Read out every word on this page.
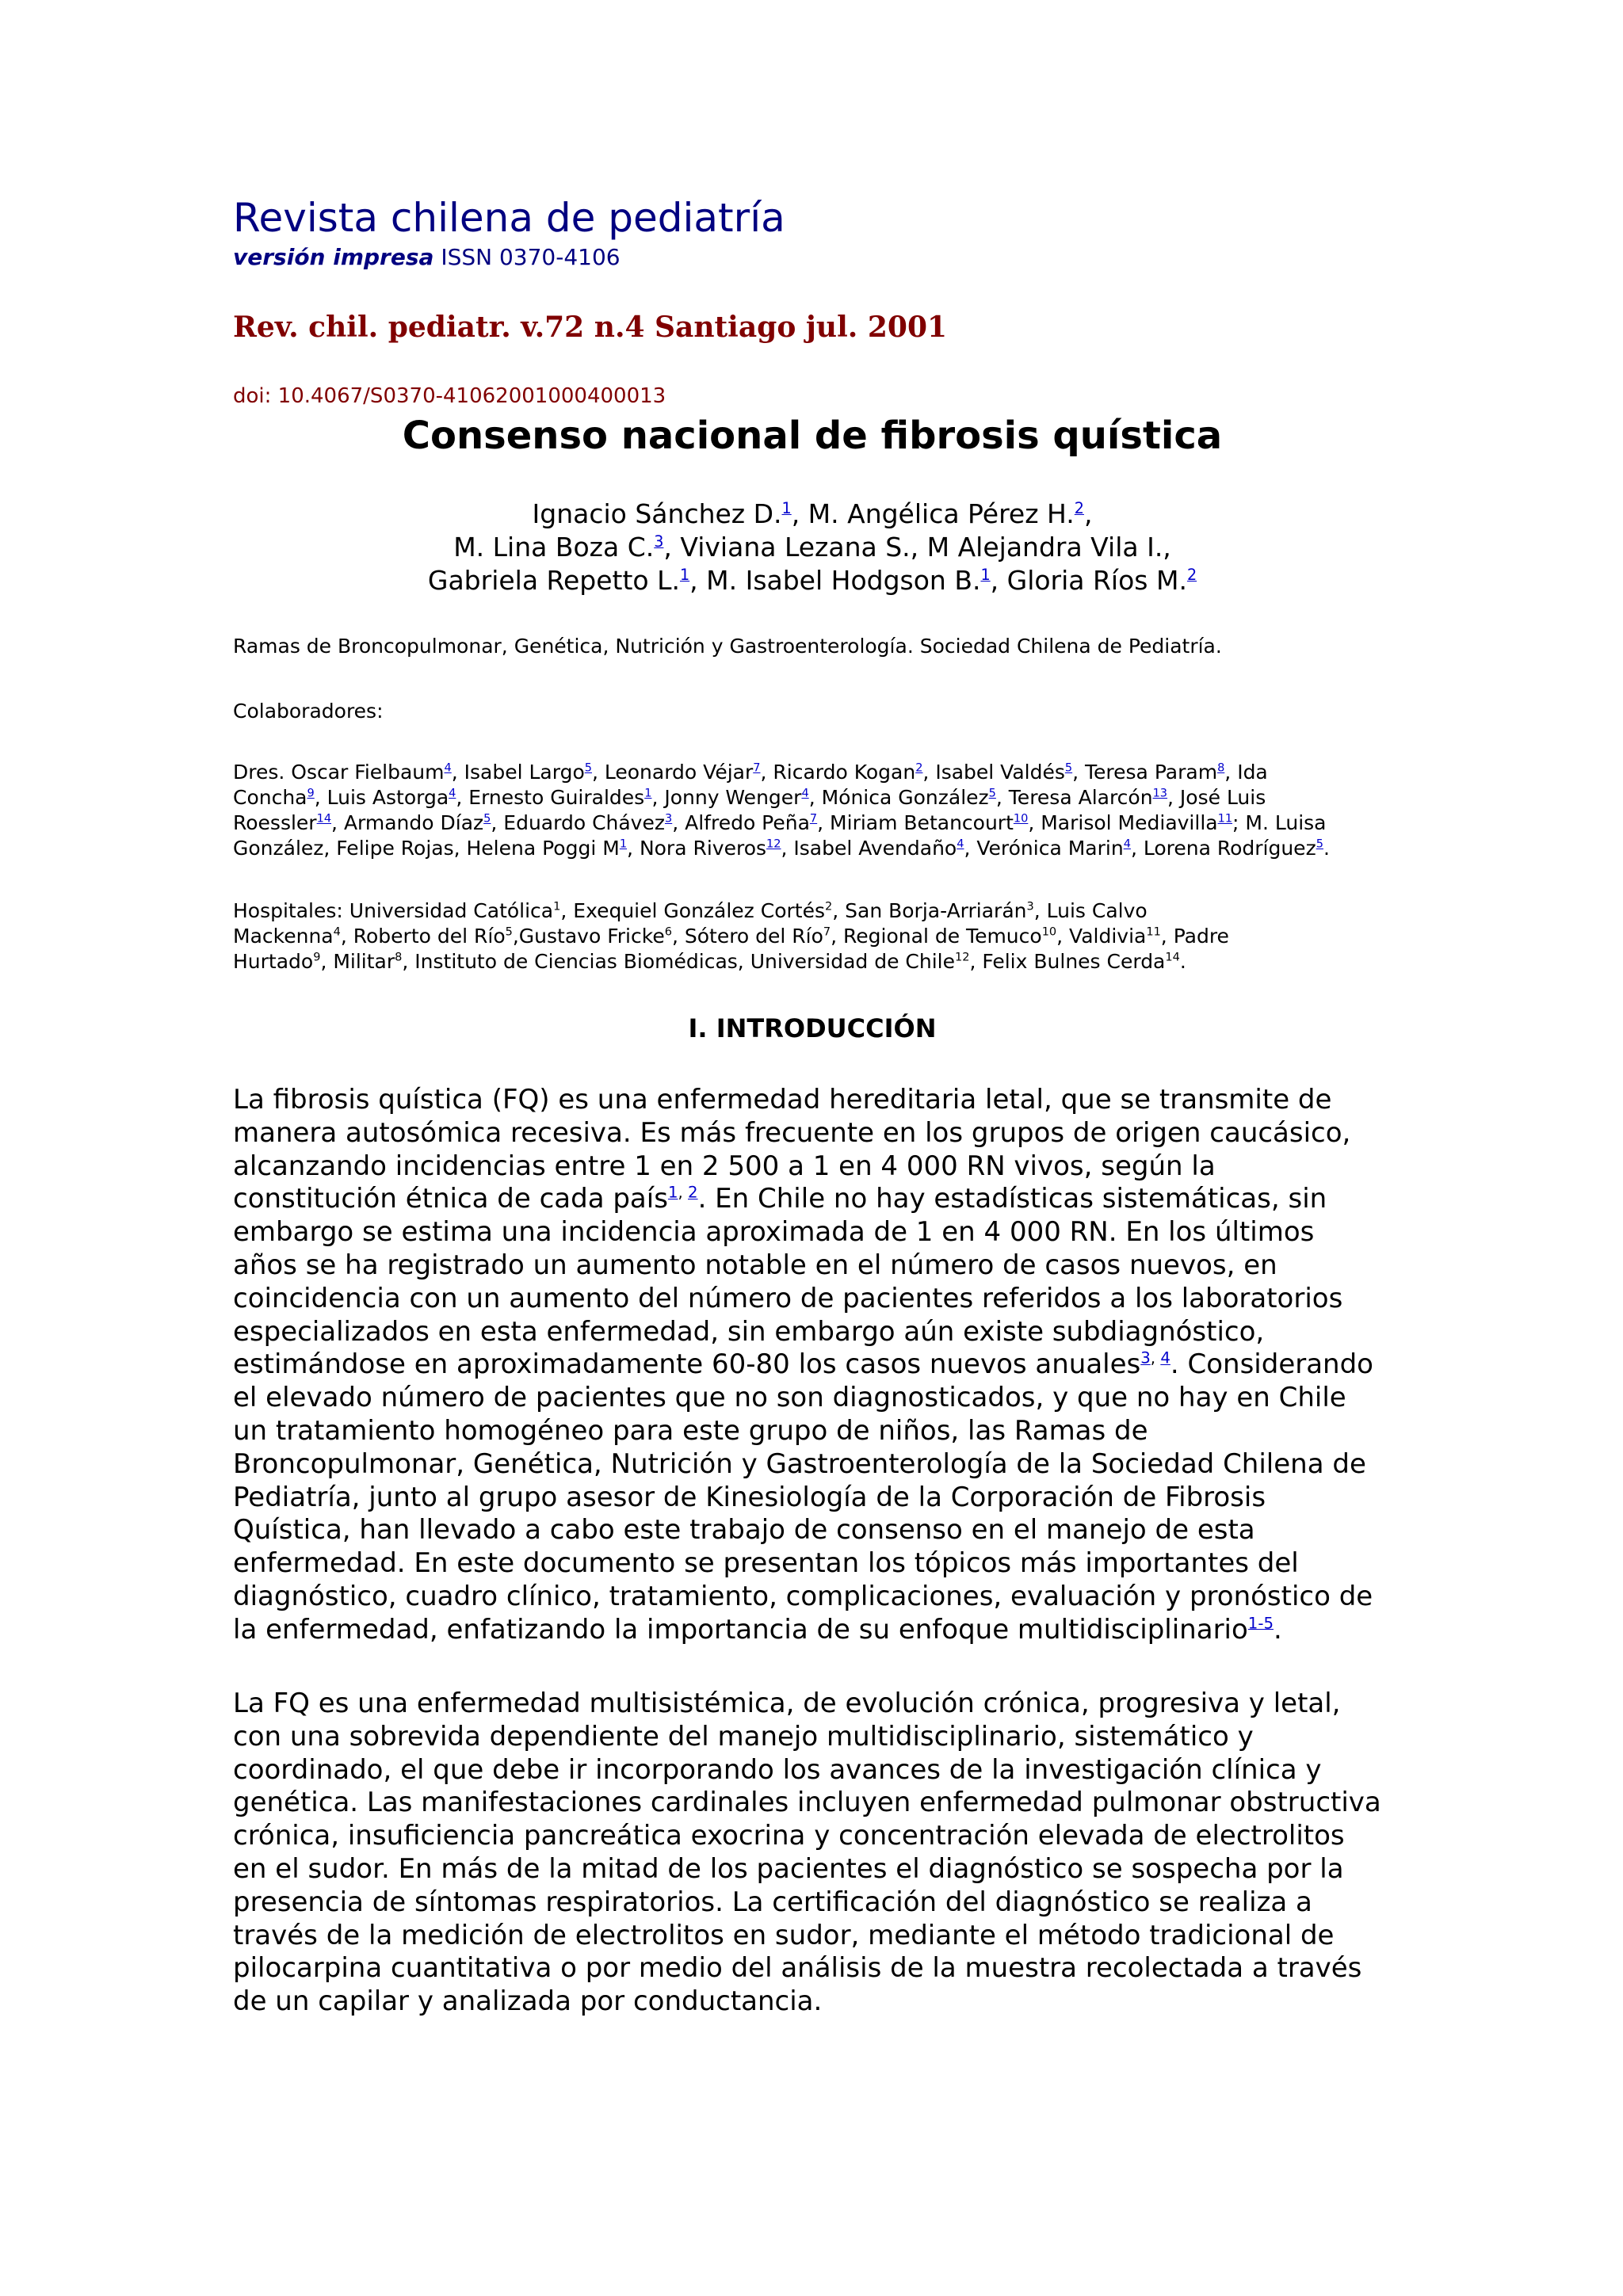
Revista chilena de pediatría
versión impresa ISSN 0370-4106
Rev. chil. pediatr. v.72 n.4 Santiago jul. 2001
doi: 10.4067/S0370-41062001000400013
Consenso nacional de fibrosis quística
Ignacio Sánchez D.$^1$, M. Angélica Pérez H.$^2$,
M. Lina Boza C.$^3$, Viviana Lezana S., M Alejandra Vila I.,
Gabriela Repetto L.$^1$, M. Isabel Hodgson B.$^1$, Gloria Ríos M.$^2$
Ramas de Broncopulmonar, Genética, Nutrición y Gastroenterología. Sociedad Chilena de Pediatría.
Colaboradores:
Dres. Oscar Fielbaum$^4$, Isabel Largo$^5$, Leonardo Véjar$^7$, Ricardo Kogan$^2$, Isabel Valdés$^5$, Teresa Param$^8$, Ida
Concha$^9$, Luis Astorga$^4$, Ernesto Guiraldes$^1$, Jonny Wenger$^4$, Mónica González$^5$, Teresa Alarcón$^{13}$, José Luis
Roessler$^{14}$, Armando Díaz$^5$, Eduardo Chávez$^3$, Alfredo Peña$^7$, Miriam Betancourt$^{10}$, Marisol Mediavilla$^{11}$; M. Luisa
González, Felipe Rojas, Helena Poggi M$^1$, Nora Riveros$^{12}$, Isabel Avendaño$^4$, Verónica Marin$^4$, Lorena Rodríguez$^5$.
Hospitales: Universidad Católica$^1$, Exequiel González Cortés$^2$, San Borja-Arriarán$^3$, Luis Calvo
Mackenna$^4$, Roberto del Río$^5$,Gustavo Fricke$^6$, Sótero del Río$^7$, Regional de Temuco$^{10}$, Valdivia$^{11}$, Padre
Hurtado$^9$, Militar$^8$, Instituto de Ciencias Biomédicas, Universidad de Chile$^{12}$, Felix Bulnes Cerda$^{14}$.
I. INTRODUCCIÓN

La fibrosis quística (FQ) es una enfermedad hereditaria letal, que se transmite de
manera autosómica recesiva. Es más frecuente en los grupos de origen caucásico,
alcanzando incidencias entre 1 en 2 500 a 1 en 4 000 RN vivos, según la
constitución étnica de cada país$^{1,}$ $^2$. En Chile no hay estadísticas sistemáticas, sin
embargo se estima una incidencia aproximada de 1 en 4 000 RN. En los últimos
años se ha registrado un aumento notable en el número de casos nuevos, en
coincidencia con un aumento del número de pacientes referidos a los laboratorios
especializados en esta enfermedad, sin embargo aún existe subdiagnóstico,
estimándose en aproximadamente 60-80 los casos nuevos anuales$^{3,}$ $^4$. Considerando
el elevado número de pacientes que no son diagnosticados, y que no hay en Chile
un tratamiento homogéneo para este grupo de niños, las Ramas de
Broncopulmonar, Genética, Nutrición y Gastroenterología de la Sociedad Chilena de
Pediatría, junto al grupo asesor de Kinesiología de la Corporación de Fibrosis
Quística, han llevado a cabo este trabajo de consenso en el manejo de esta
enfermedad. En este documento se presentan los tópicos más importantes del
diagnóstico, cuadro clínico, tratamiento, complicaciones, evaluación y pronóstico de
la enfermedad, enfatizando la importancia de su enfoque multidisciplinario$^{1-5}$.

La FQ es una enfermedad multisistémica, de evolución crónica, progresiva y letal,
con una sobrevida dependiente del manejo multidisciplinario, sistemático y
coordinado, el que debe ir incorporando los avances de la investigación clínica y
genética. Las manifestaciones cardinales incluyen enfermedad pulmonar obstructiva
crónica, insuficiencia pancreática exocrina y concentración elevada de electrolitos
en el sudor. En más de la mitad de los pacientes el diagnóstico se sospecha por la
presencia de síntomas respiratorios. La certificación del diagnóstico se realiza a
través de la medición de electrolitos en sudor, mediante el método tradicional de
pilocarpina cuantitativa o por medio del análisis de la muestra recolectada a través
de un capilar y analizada por conductancia.
